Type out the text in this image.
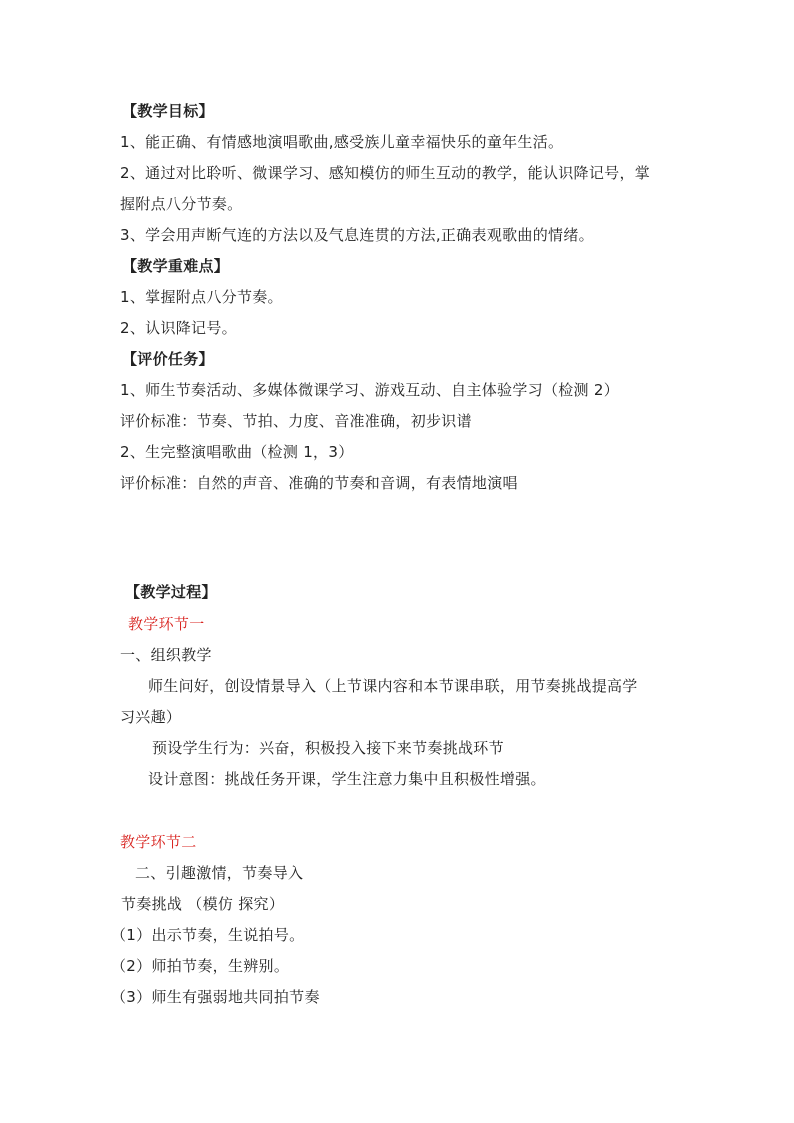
【教学目标】
1、能正确、有情感地演唱歌曲,感受族儿童幸福快乐的童年生活。
2、通过对比聆听、微课学习、感知模仿的师生互动的教学，能认识降记号，掌
握附点八分节奏。
3、学会用声断气连的方法以及气息连贯的方法,正确表观歌曲的情绪。
【教学重难点】
1、掌握附点八分节奏。
2、认识降记号。
【评价任务】
1、师生节奏活动、多媒体微课学习、游戏互动、自主体验学习（检测 2）
评价标准：节奏、节拍、力度、音准准确，初步识谱
2、生完整演唱歌曲（检测 1，3）
评价标准：自然的声音、准确的节奏和音调，有表情地演唱
【教学过程】
教学环节一
一、组织教学
师生问好，创设情景导入（上节课内容和本节课串联，用节奏挑战提高学
习兴趣）
预设学生行为：兴奋，积极投入接下来节奏挑战环节
设计意图：挑战任务开课，学生注意力集中且积极性增强。
教学环节二
二、引趣激情，节奏导入
节奏挑战 （模仿 探究）
（1）出示节奏，生说拍号。
（2）师拍节奏，生辨别。
（3）师生有强弱地共同拍节奏
